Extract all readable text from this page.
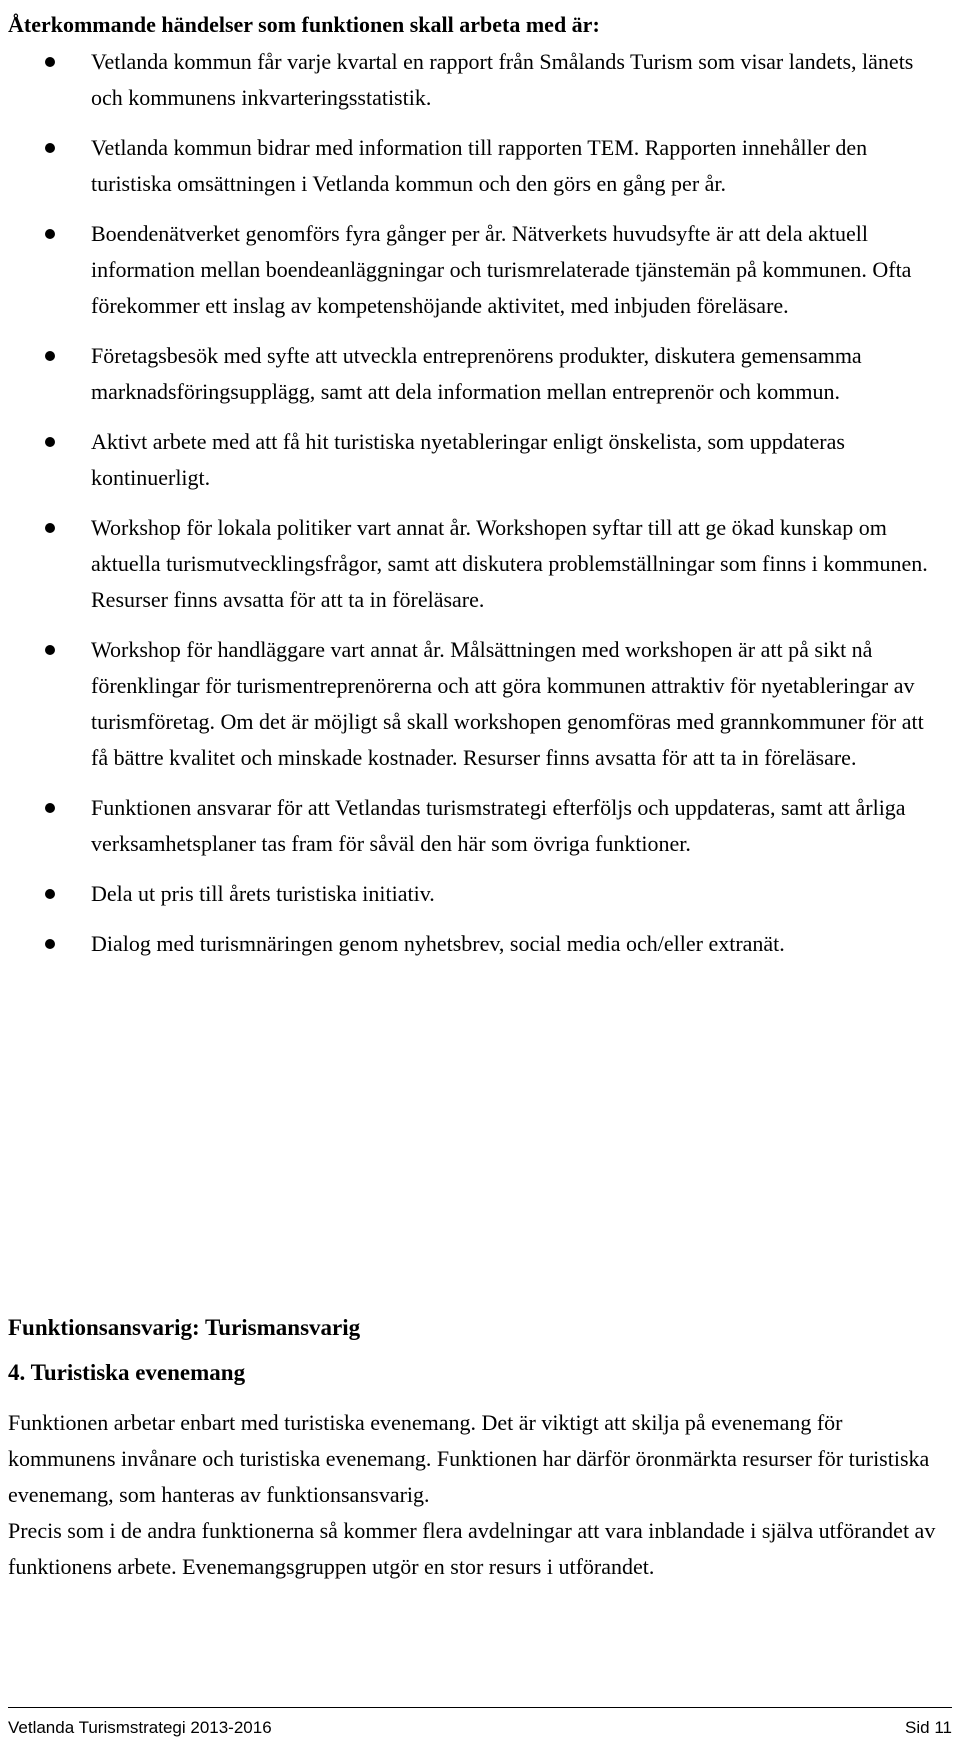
Återkommande händelser som funktionen skall arbeta med är:
Vetlanda kommun får varje kvartal en rapport från Smålands Turism som visar landets, länets och kommunens inkvarteringsstatistik.
Vetlanda kommun bidrar med information till rapporten TEM. Rapporten innehåller den turistiska omsättningen i Vetlanda kommun och den görs en gång per år.
Boendenätverket genomförs fyra gånger per år. Nätverkets huvudsyfte är att dela aktuell information mellan boendeanläggningar och turismrelaterade tjänstemän på kommunen. Ofta förekommer ett inslag av kompetenshöjande aktivitet, med inbjuden föreläsare.
Företagsbesök med syfte att utveckla entreprenörens produkter, diskutera gemensamma marknadsföringsupplägg, samt att dela information mellan entreprenör och kommun.
Aktivt arbete med att få hit turistiska nyetableringar enligt önskelista, som uppdateras kontinuerligt.
Workshop för lokala politiker vart annat år. Workshopen syftar till att ge ökad kunskap om aktuella turismutvecklingsfrågor, samt att diskutera problemställningar som finns i kommunen. Resurser finns avsatta för att ta in föreläsare.
Workshop för handläggare vart annat år. Målsättningen med workshopen är att på sikt nå förenklingar för turismentreprenörerna och att göra kommunen attraktiv för nyetableringar av turismföretag. Om det är möjligt så skall workshopen genomföras med grannkommuner för att få bättre kvalitet och minskade kostnader. Resurser finns avsatta för att ta in föreläsare.
Funktionen ansvarar för att Vetlandas turismstrategi efterföljs och uppdateras, samt att årliga verksamhetsplaner tas fram för såväl den här som övriga funktioner.
Dela ut pris till årets turistiska initiativ.
Dialog med turismnäringen genom nyhetsbrev, social media och/eller extranät.

Funktionsansvarig: Turismansvarig

4. Turistiska evenemang

Funktionen arbetar enbart med turistiska evenemang. Det är viktigt att skilja på evenemang för kommunens invånare och turistiska evenemang. Funktionen har därför öronmärkta resurser för turistiska evenemang, som hanteras av funktionsansvarig.

Precis som i de andra funktionerna så kommer flera avdelningar att vara inblandade i själva utförandet av funktionens arbete. Evenemangsgruppen utgör en stor resurs i utförandet.

Vetlanda Turismstrategi 2013-2016	Sid 11
